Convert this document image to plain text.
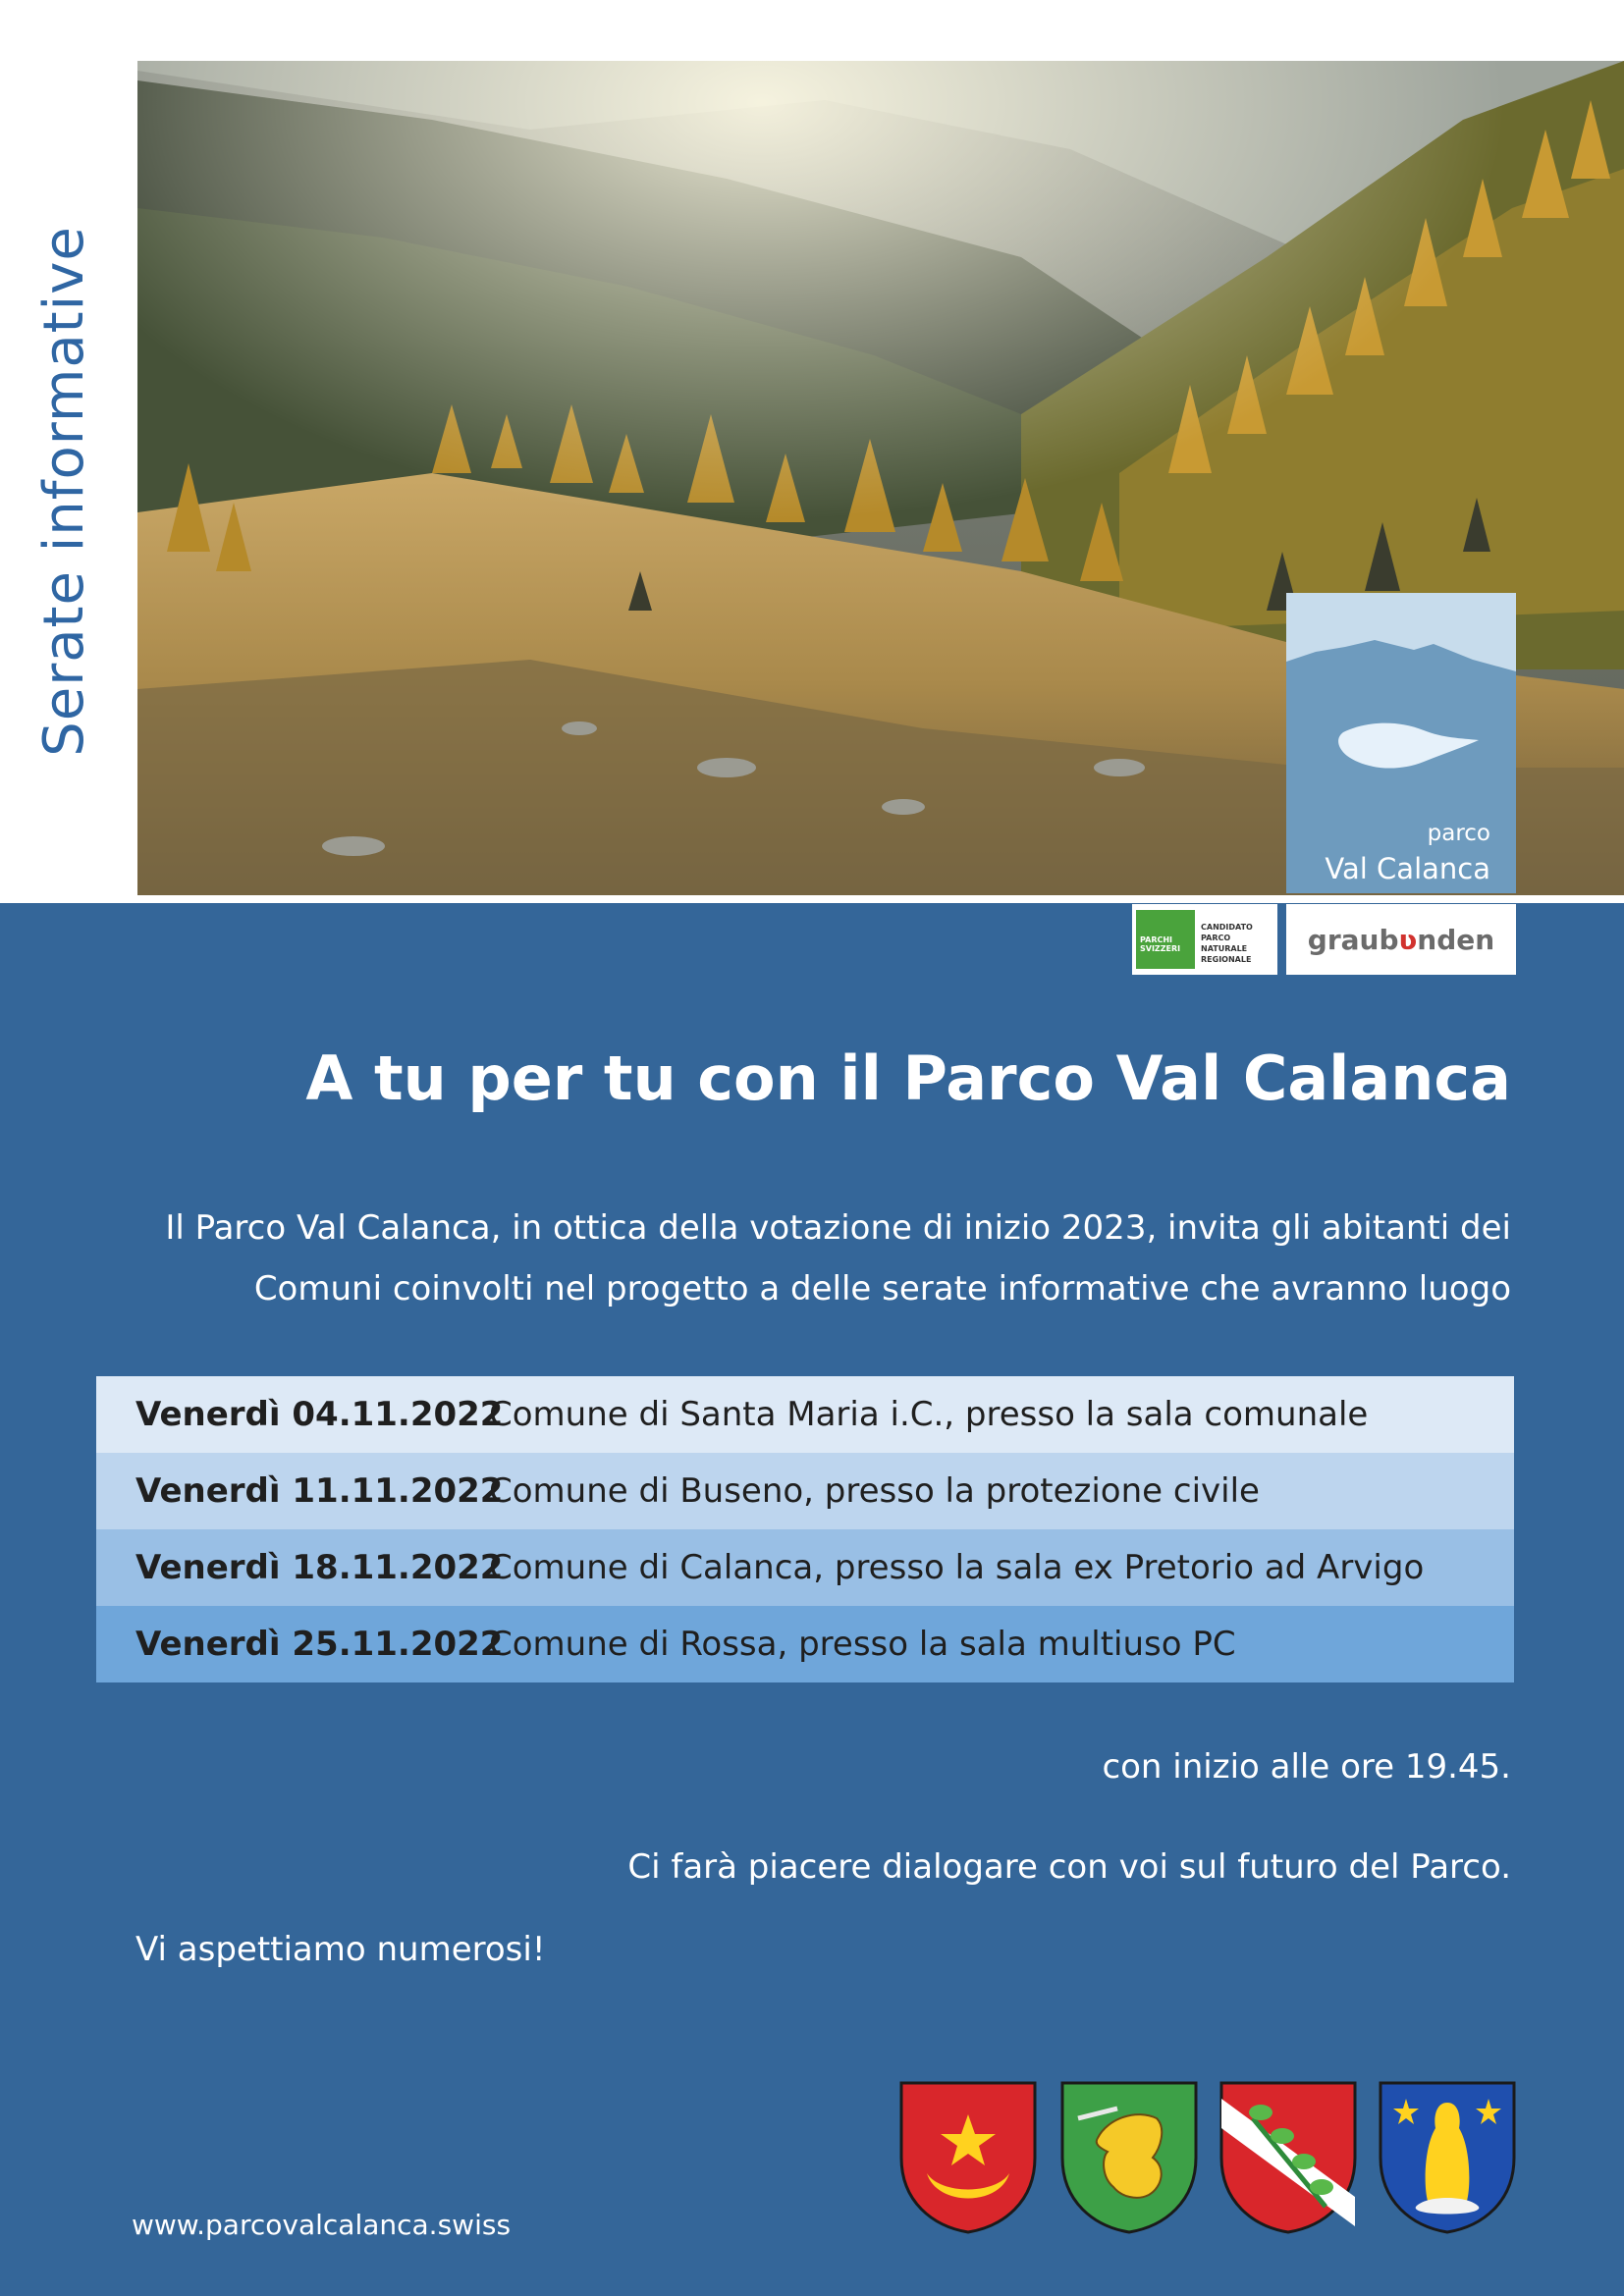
Serate informative
parco
Val Calanca
PARCHI SVIZZERI
CANDIDATO PARCO NATURALE REGIONALE
graubʋnden
A tu per tu con il Parco Val Calanca
Il Parco Val Calanca, in ottica della votazione di inizio 2023, invita gli abitanti dei
Comuni coinvolti nel progetto a delle serate informative che avranno luogo
Venerdì 04.11.2022
Comune di Santa Maria i.C., presso la sala comunale
Venerdì 11.11.2022
Comune di Buseno, presso la protezione civile
Venerdì 18.11.2022
Comune di Calanca, presso la sala ex Pretorio ad Arvigo
Venerdì 25.11.2022
Comune di Rossa, presso la sala multiuso PC
con inizio alle ore 19.45.
Ci farà piacere dialogare con voi sul futuro del Parco.
Vi aspettiamo numerosi!
www.parcovalcalanca.swiss
